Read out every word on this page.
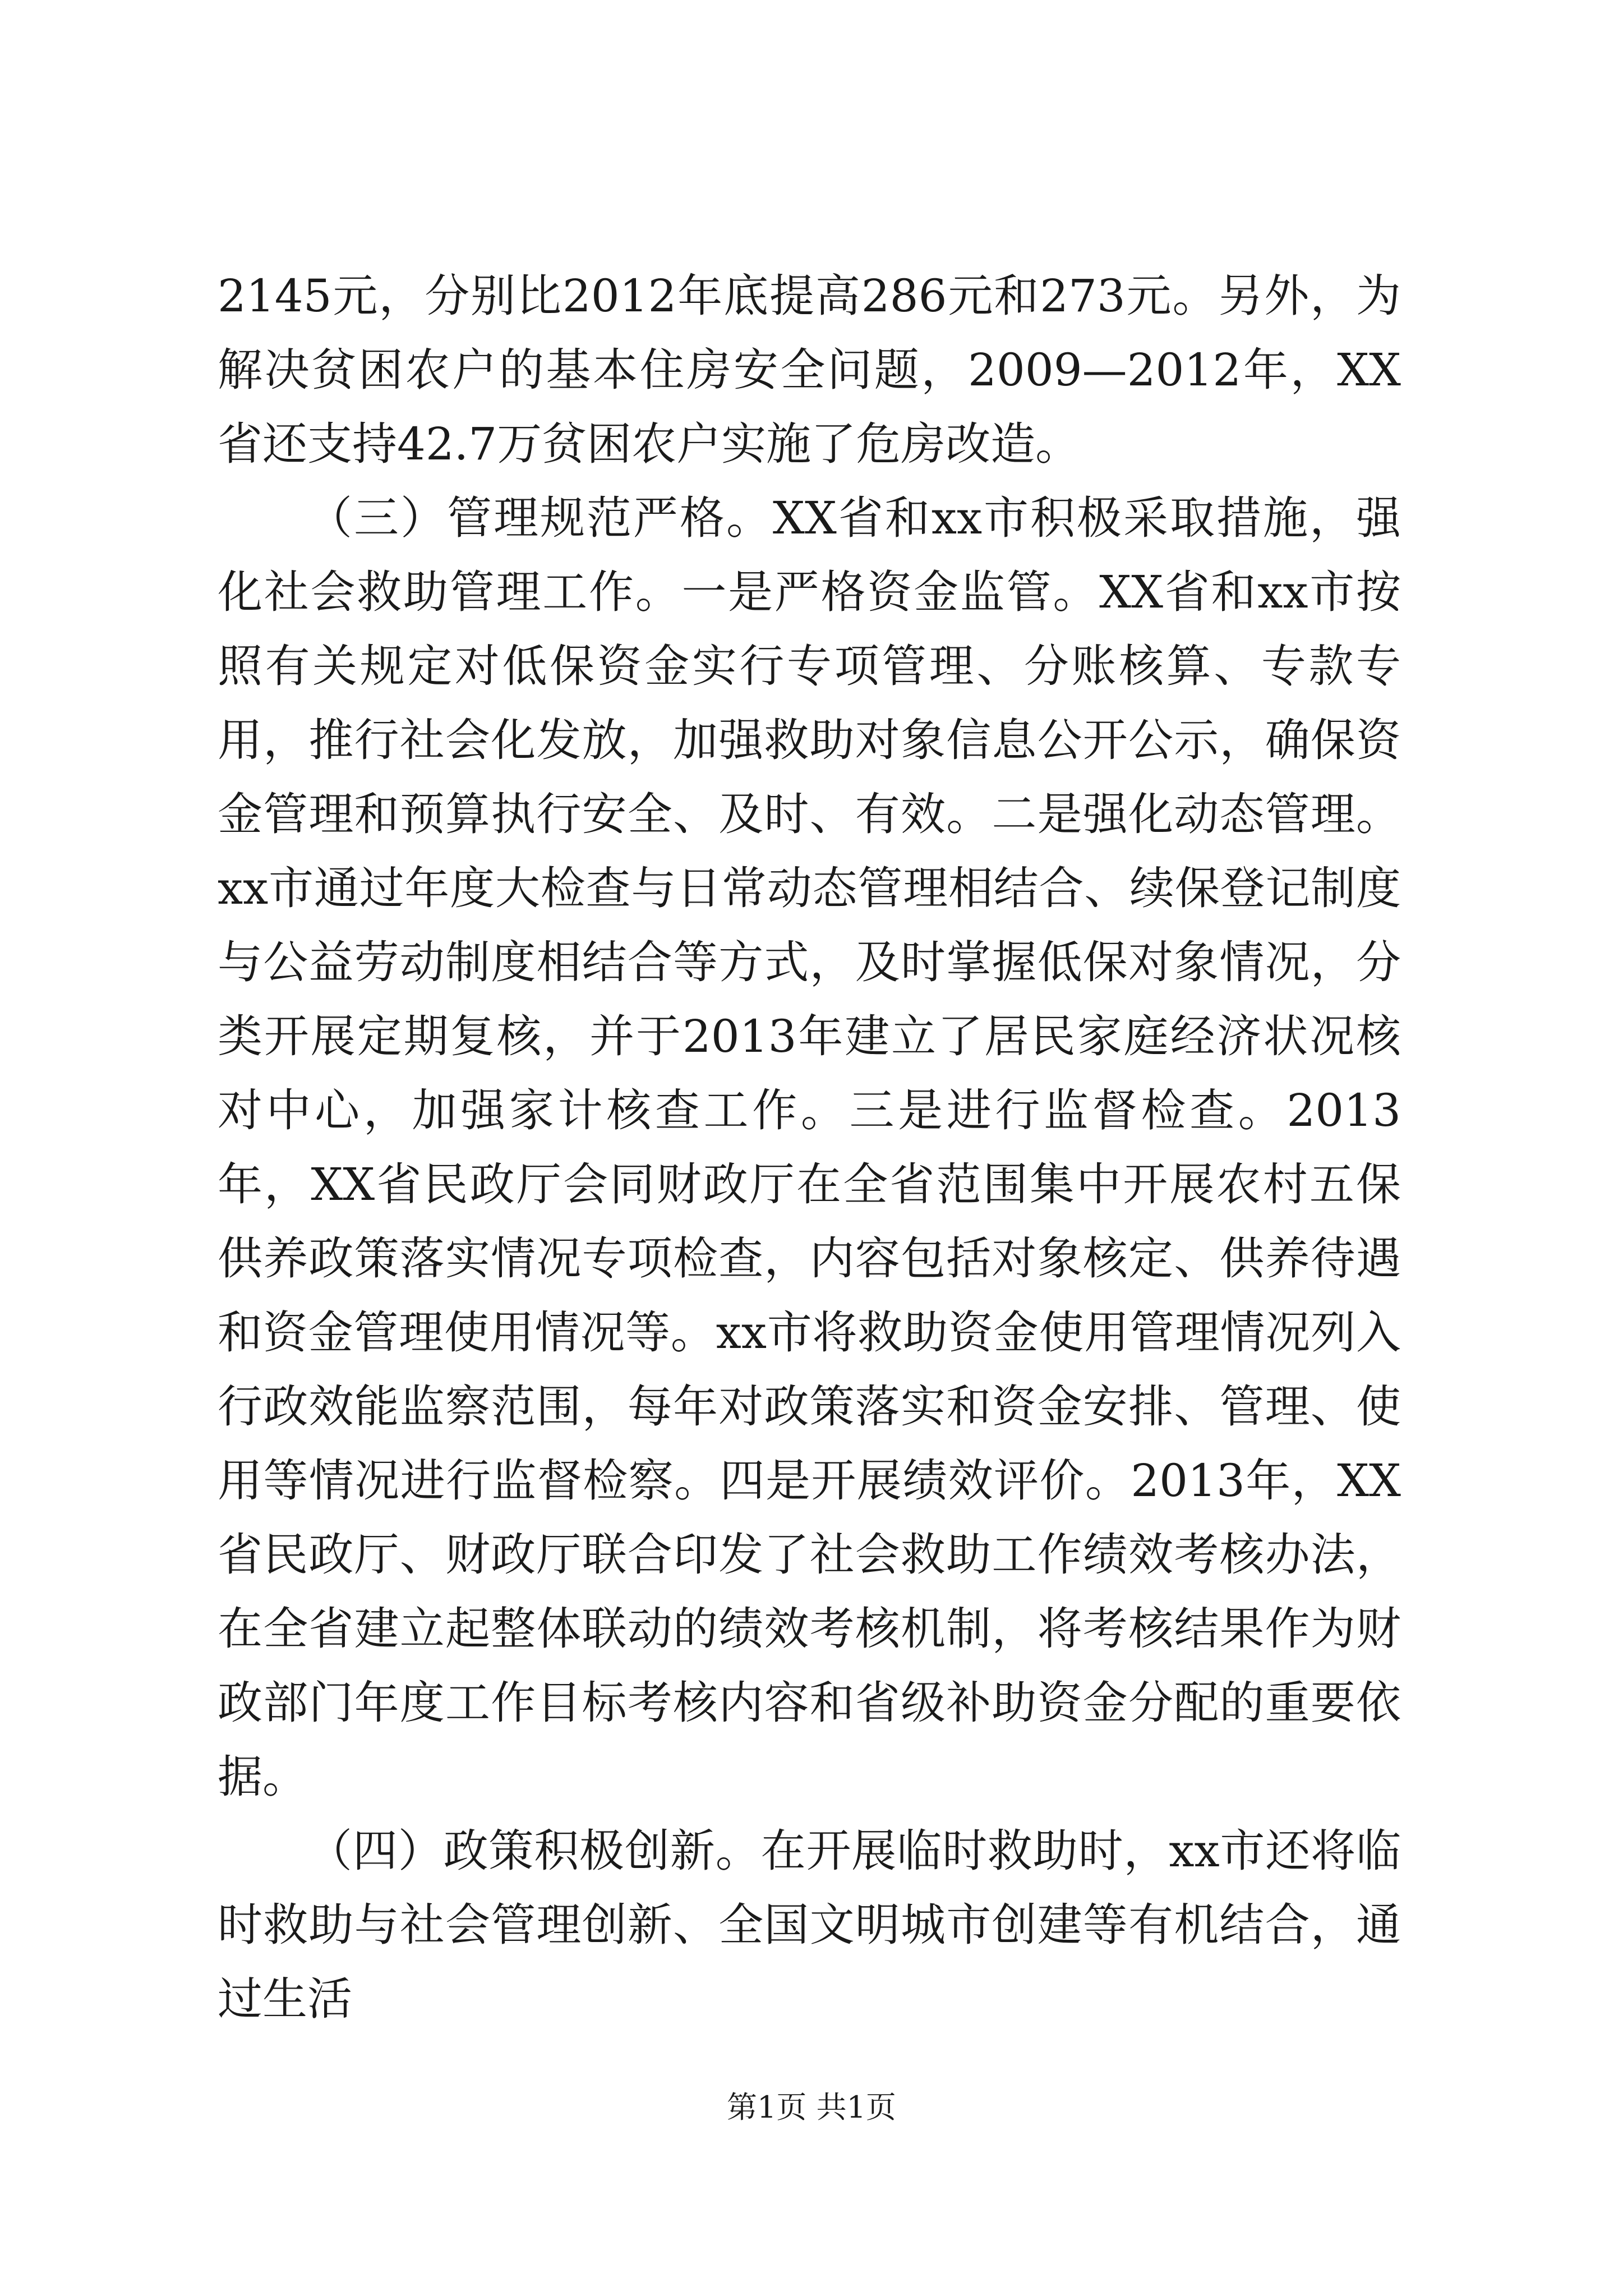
2145元，分别比2012年底提高286元和273元。另外，为解决贫困农户的基本住房安全问题，2009—2012年，XX省还支持42.7万贫困农户实施了危房改造。

（三）管理规范严格。XX省和xx市积极采取措施，强化社会救助管理工作。一是严格资金监管。XX省和xx市按照有关规定对低保资金实行专项管理、分账核算、专款专用，推行社会化发放，加强救助对象信息公开公示，确保资金管理和预算执行安全、及时、有效。二是强化动态管理。xx市通过年度大检查与日常动态管理相结合、续保登记制度与公益劳动制度相结合等方式，及时掌握低保对象情况，分类开展定期复核，并于2013年建立了居民家庭经济状况核对中心，加强家计核查工作。三是进行监督检查。2013年，XX省民政厅会同财政厅在全省范围集中开展农村五保供养政策落实情况专项检查，内容包括对象核定、供养待遇和资金管理使用情况等。xx市将救助资金使用管理情况列入行政效能监察范围，每年对政策落实和资金安排、管理、使用等情况进行监督检察。四是开展绩效评价。2013年，XX省民政厅、财政厅联合印发了社会救助工作绩效考核办法，在全省建立起整体联动的绩效考核机制，将考核结果作为财政部门年度工作目标考核内容和省级补助资金分配的重要依据。

（四）政策积极创新。在开展临时救助时，xx市还将临时救助与社会管理创新、全国文明城市创建等有机结合，通过生活

第1页 共1页
